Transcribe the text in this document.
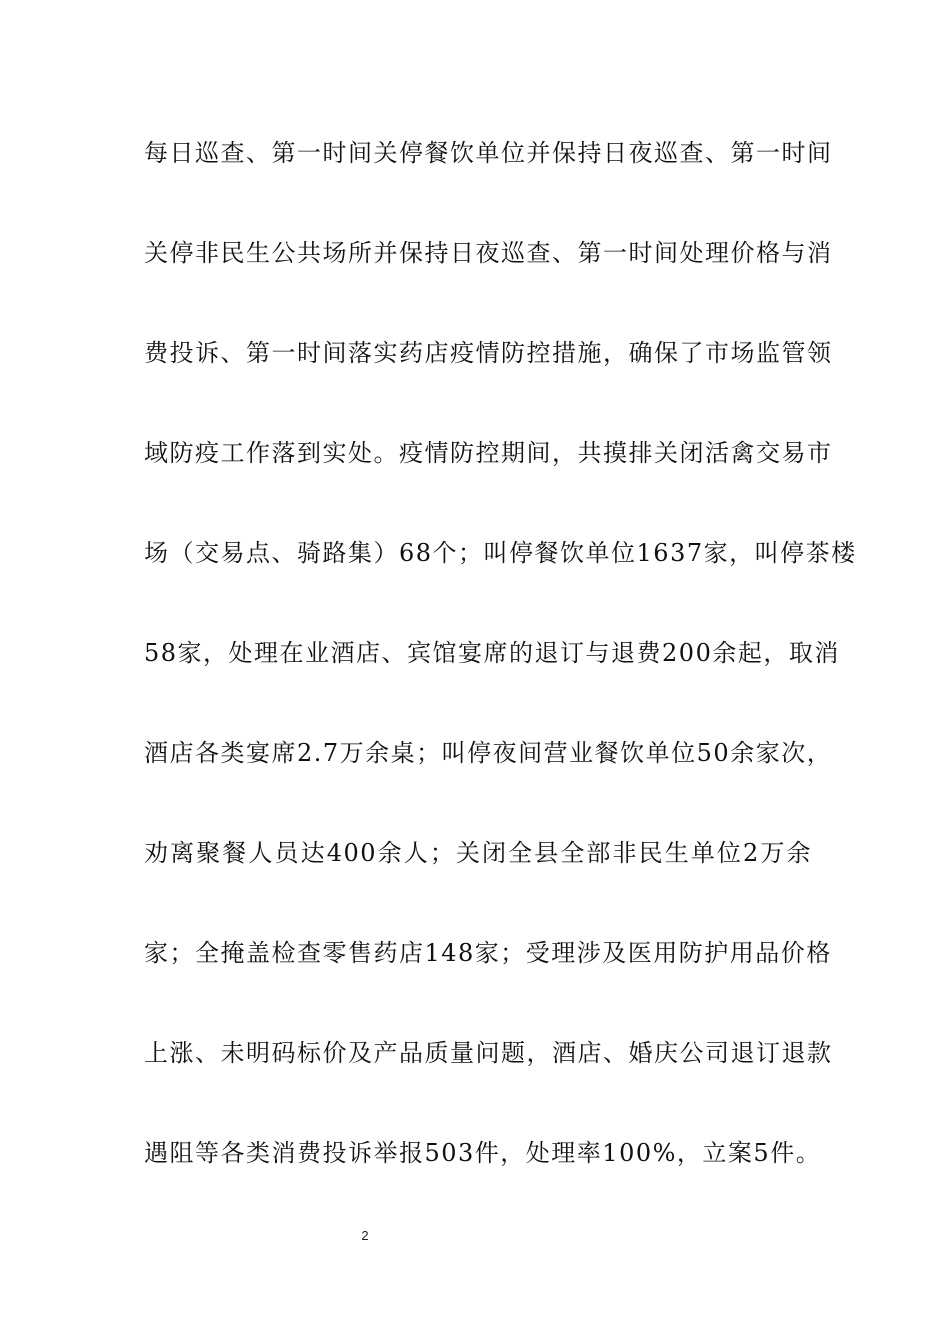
每日巡查、第一时间关停餐饮单位并保持日夜巡查、第一时间
关停非民生公共场所并保持日夜巡查、第一时间处理价格与消
费投诉、第一时间落实药店疫情防控措施，确保了市场监管领
域防疫工作落到实处。疫情防控期间，共摸排关闭活禽交易市
场（交易点、骑路集）68个；叫停餐饮单位1637家，叫停茶楼
58家，处理在业酒店、宾馆宴席的退订与退费200余起，取消
酒店各类宴席2.7万余桌；叫停夜间营业餐饮单位50余家次，
劝离聚餐人员达400余人；关闭全县全部非民生单位2万余
家；全掩盖检查零售药店148家；受理涉及医用防护用品价格
上涨、未明码标价及产品质量问题，酒店、婚庆公司退订退款
遇阻等各类消费投诉举报503件，处理率100%，立案5件。
2
